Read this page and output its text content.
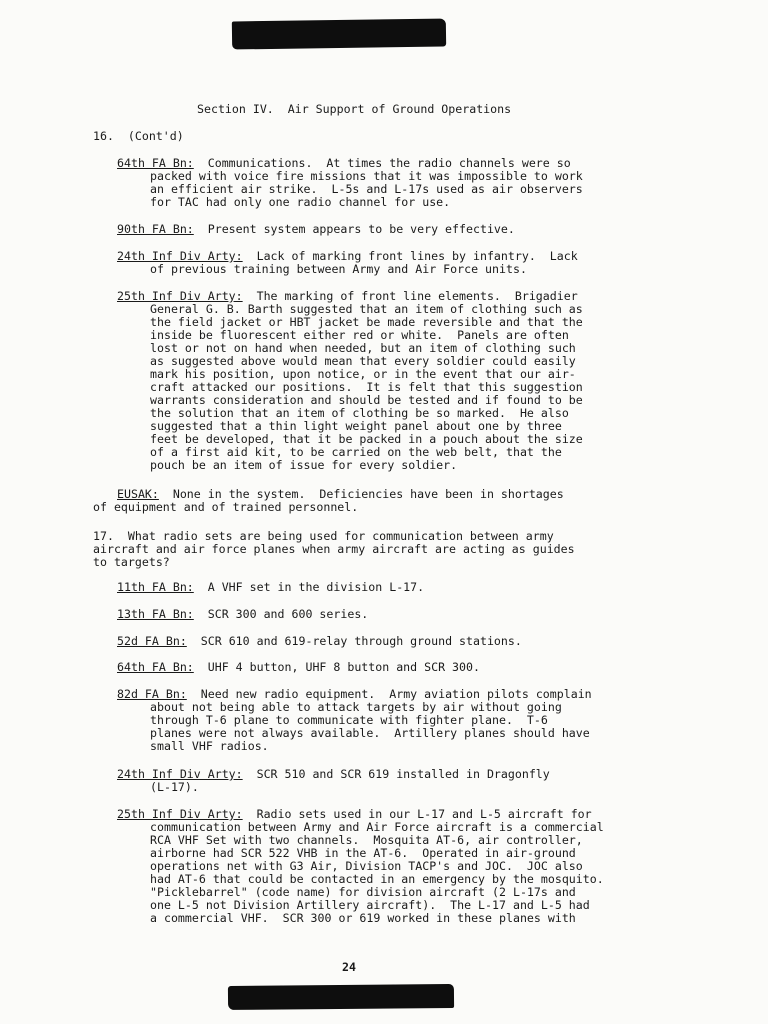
Section IV.  Air Support of Ground Operations
16.  (Cont'd)
64th FA Bn:  Communications.  At times the radio channels were so
packed with voice fire missions that it was impossible to work
an efficient air strike.  L-5s and L-17s used as air observers
for TAC had only one radio channel for use.
90th FA Bn:  Present system appears to be very effective.
24th Inf Div Arty:  Lack of marking front lines by infantry.  Lack
of previous training between Army and Air Force units.
25th Inf Div Arty:  The marking of front line elements.  Brigadier
General G. B. Barth suggested that an item of clothing such as
the field jacket or HBT jacket be made reversible and that the
inside be fluorescent either red or white.  Panels are often
lost or not on hand when needed, but an item of clothing such
as suggested above would mean that every soldier could easily
mark his position, upon notice, or in the event that our air-
craft attacked our positions.  It is felt that this suggestion
warrants consideration and should be tested and if found to be
the solution that an item of clothing be so marked.  He also
suggested that a thin light weight panel about one by three
feet be developed, that it be packed in a pouch about the size
of a first aid kit, to be carried on the web belt, that the
pouch be an item of issue for every soldier.
EUSAK:  None in the system.  Deficiencies have been in shortages
of equipment and of trained personnel.
17.  What radio sets are being used for communication between army
aircraft and air force planes when army aircraft are acting as guides
to targets?
11th FA Bn:  A VHF set in the division L-17.
13th FA Bn:  SCR 300 and 600 series.
52d FA Bn:  SCR 610 and 619-relay through ground stations.
64th FA Bn:  UHF 4 button, UHF 8 button and SCR 300.
82d FA Bn:  Need new radio equipment.  Army aviation pilots complain
about not being able to attack targets by air without going
through T-6 plane to communicate with fighter plane.  T-6
planes were not always available.  Artillery planes should have
small VHF radios.
24th Inf Div Arty:  SCR 510 and SCR 619 installed in Dragonfly
(L-17).
25th Inf Div Arty:  Radio sets used in our L-17 and L-5 aircraft for
communication between Army and Air Force aircraft is a commercial
RCA VHF Set with two channels.  Mosquita AT-6, air controller,
airborne had SCR 522 VHB in the AT-6.  Operated in air-ground
operations net with G3 Air, Division TACP's and JOC.  JOC also
had AT-6 that could be contacted in an emergency by the mosquito.
"Picklebarrel" (code name) for division aircraft (2 L-17s and
one L-5 not Division Artillery aircraft).  The L-17 and L-5 had
a commercial VHF.  SCR 300 or 619 worked in these planes with
24
